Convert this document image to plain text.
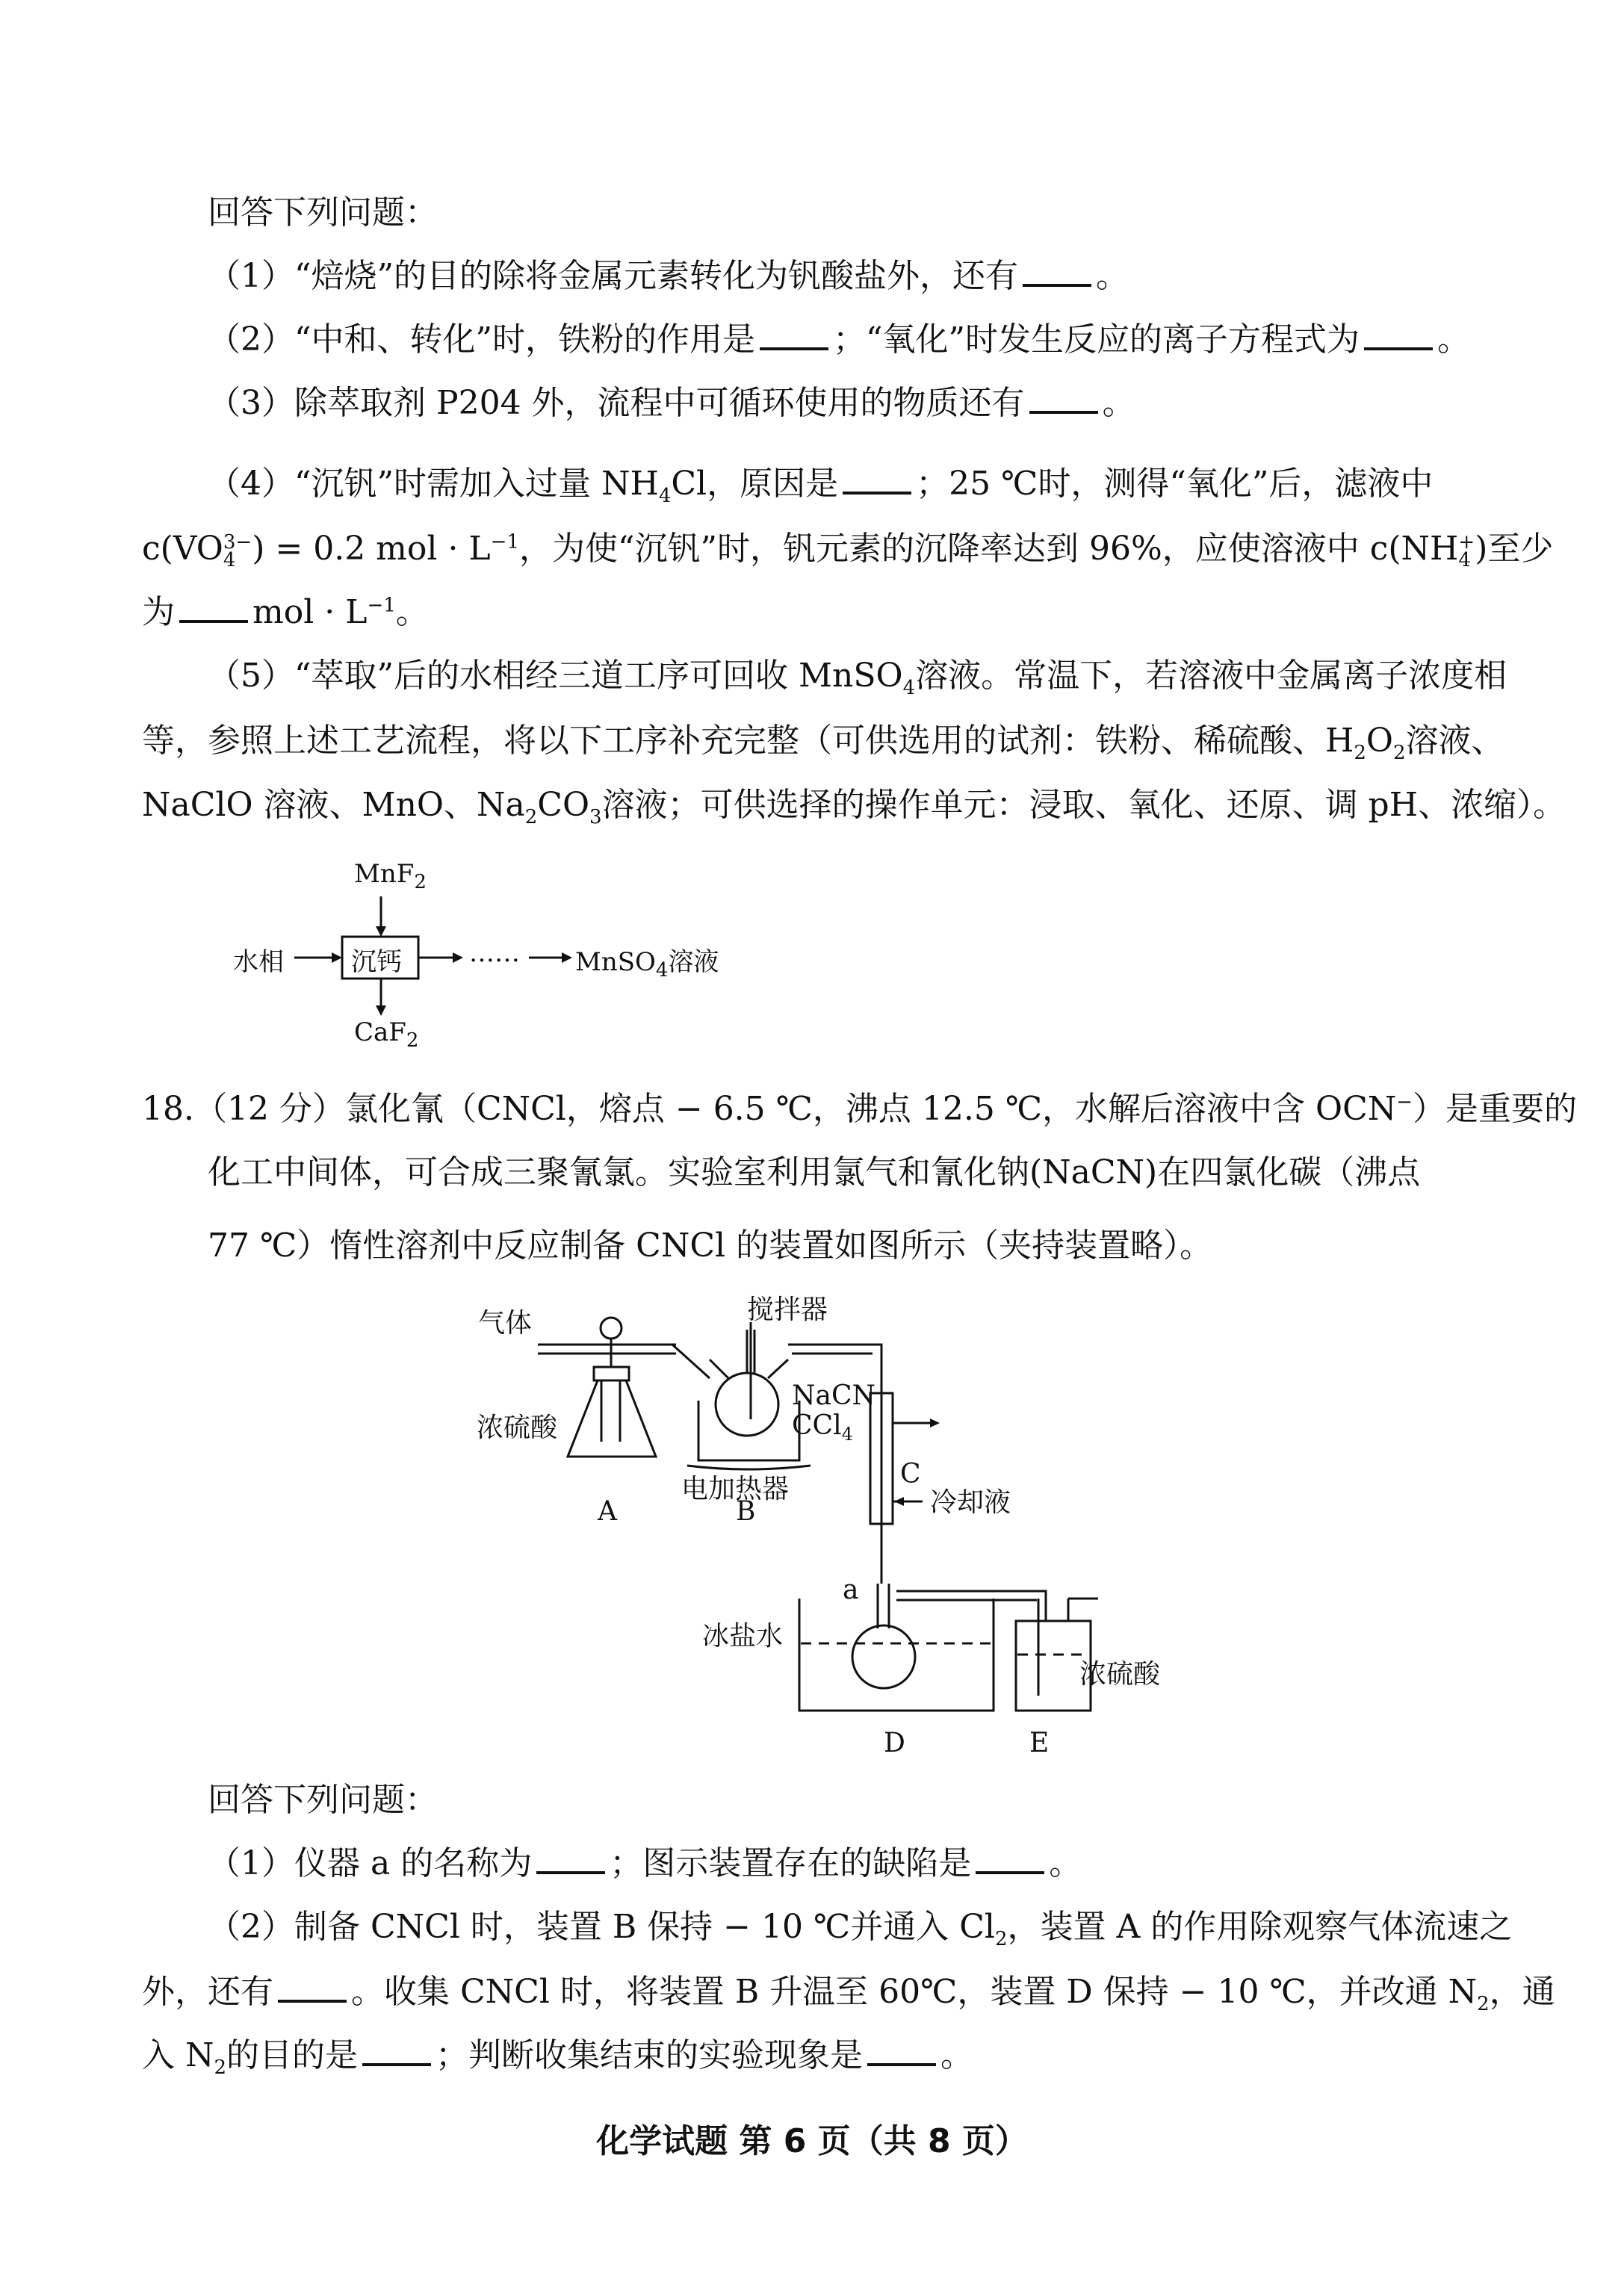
回答下列问题：
（1）“焙烧”的目的除将金属元素转化为钒酸盐外，还有 。
（2）“中和、转化”时，铁粉的作用是 ；“氧化”时发生反应的离子方程式为 。
（3）除萃取剂 P204 外，流程中可循环使用的物质还有 。
（4）“沉钒”时需加入过量 $NH_4Cl$，原因是 ；25 ℃时，测得“氧化”后，滤液中
c(VO 3−
4 ) = 0.2 mol · $L^{-1}$，为使“沉钒”时，钒元素的沉降率达到 96%，应使溶液中 c(NH +
4 )至少
为 mol · $L^{-1}$。
（5）“萃取”后的水相经三道工序可回收 MnSO$_4$溶液。常温下，若溶液中金属离子浓度相
等，参照上述工艺流程，将以下工序补充完整（可供选用的试剂：铁粉、稀硫酸、$H_2O_2$溶液、
NaClO 溶液、MnO、$Na_2CO_3$溶液；可供选择的操作单元：浸取、氧化、还原、调 pH、浓缩）。
MnF$_2$
水相	沉钙	…… MnSO$_4$溶液
CaF$_2$
18.（12 分）氯化氰（CNCl，熔点 − 6.5 ℃，沸点 12.5 ℃，水解后溶液中含 OCN−）是重要的
化工中间体，可合成三聚氰氯。实验室利用氯气和氰化钠(NaCN)在四氯化碳（沸点
77 ℃）惰性溶剂中反应制备 CNCl 的装置如图所示（夹持装置略）。
气体	搅拌器
NaCN
CCl$_4$
浓硫酸
电加热器
A	B
C
冷却液
a
冰盐水
浓硫酸
D	E
回答下列问题：
（1）仪器 a 的名称为 ；图示装置存在的缺陷是 。
（2）制备 CNCl 时，装置 B 保持 − 10 ℃并通入 $Cl_2$，装置 A 的作用除观察气体流速之
外，还有 。收集 CNCl 时，将装置 B 升温至 60℃，装置 D 保持 − 10 ℃，并改通 $N_2$，通
入 $N_2$的目的是 ；判断收集结束的实验现象是 。
化学试题 第 6 页（共 8 页）
